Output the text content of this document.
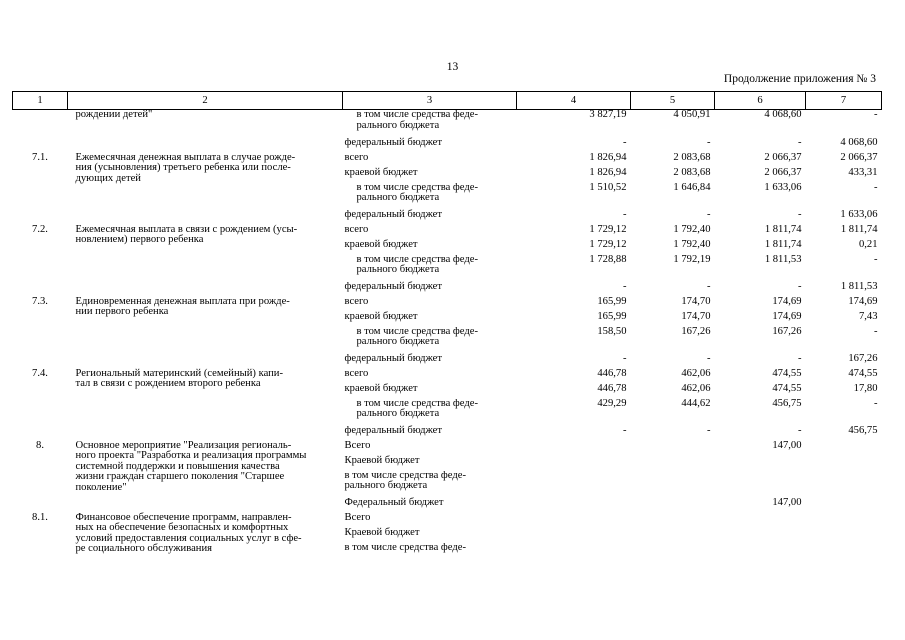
13
Продолжение приложения № 3
1	2	3	4	5	6	7

	рождении детей"	в том числе средства феде-
рального бюджета	3 827,19	4 050,91	4 068,60	-

		федеральный бюджет	-	-	-	4 068,60

7.1.	Ежемесячная денежная выплата в случае рожде-
ния (усыновления) третьего ребенка или после-
дующих детей	всего	1 826,94	2 083,68	2 066,37	2 066,37

		краевой бюджет	1 826,94	2 083,68	2 066,37	433,31

		в том числе средства феде-
рального бюджета	1 510,52	1 646,84	1 633,06	-

		федеральный бюджет	-	-	-	1 633,06

7.2.	Ежемесячная выплата в связи с рождением (усы-
новлением) первого ребенка	всего	1 729,12	1 792,40	1 811,74	1 811,74

		краевой бюджет	1 729,12	1 792,40	1 811,74	0,21

		в том числе средства феде-
рального бюджета	1 728,88	1 792,19	1 811,53	-

		федеральный бюджет	-	-	-	1 811,53

7.3.	Единовременная денежная выплата при рожде-
нии первого ребенка	всего	165,99	174,70	174,69	174,69

		краевой бюджет	165,99	174,70	174,69	7,43

		в том числе средства феде-
рального бюджета	158,50	167,26	167,26	-

		федеральный бюджет	-	-	-	167,26

7.4.	Региональный материнский (семейный) капи-
тал в связи с рождением второго ребенка	всего	446,78	462,06	474,55	474,55

		краевой бюджет	446,78	462,06	474,55	17,80

		в том числе средства феде-
рального бюджета	429,29	444,62	456,75	-

		федеральный бюджет	-	-	-	456,75

8.	Основное мероприятие "Реализация региональ-
ного проекта "Разработка и реализация программы
системной поддержки и повышения качества
жизни граждан старшего поколения "Старшее
поколение"	Всего			147,00	

		Краевой бюджет				

		в том числе средства феде-
рального бюджета				

		Федеральный бюджет			147,00	

8.1.	Финансовое обеспечение программ, направлен-
ных на обеспечение безопасных и комфортных
условий предоставления социальных услуг в сфе-
ре социального обслуживания	Всего				

		Краевой бюджет				

		в том числе средства феде-				
